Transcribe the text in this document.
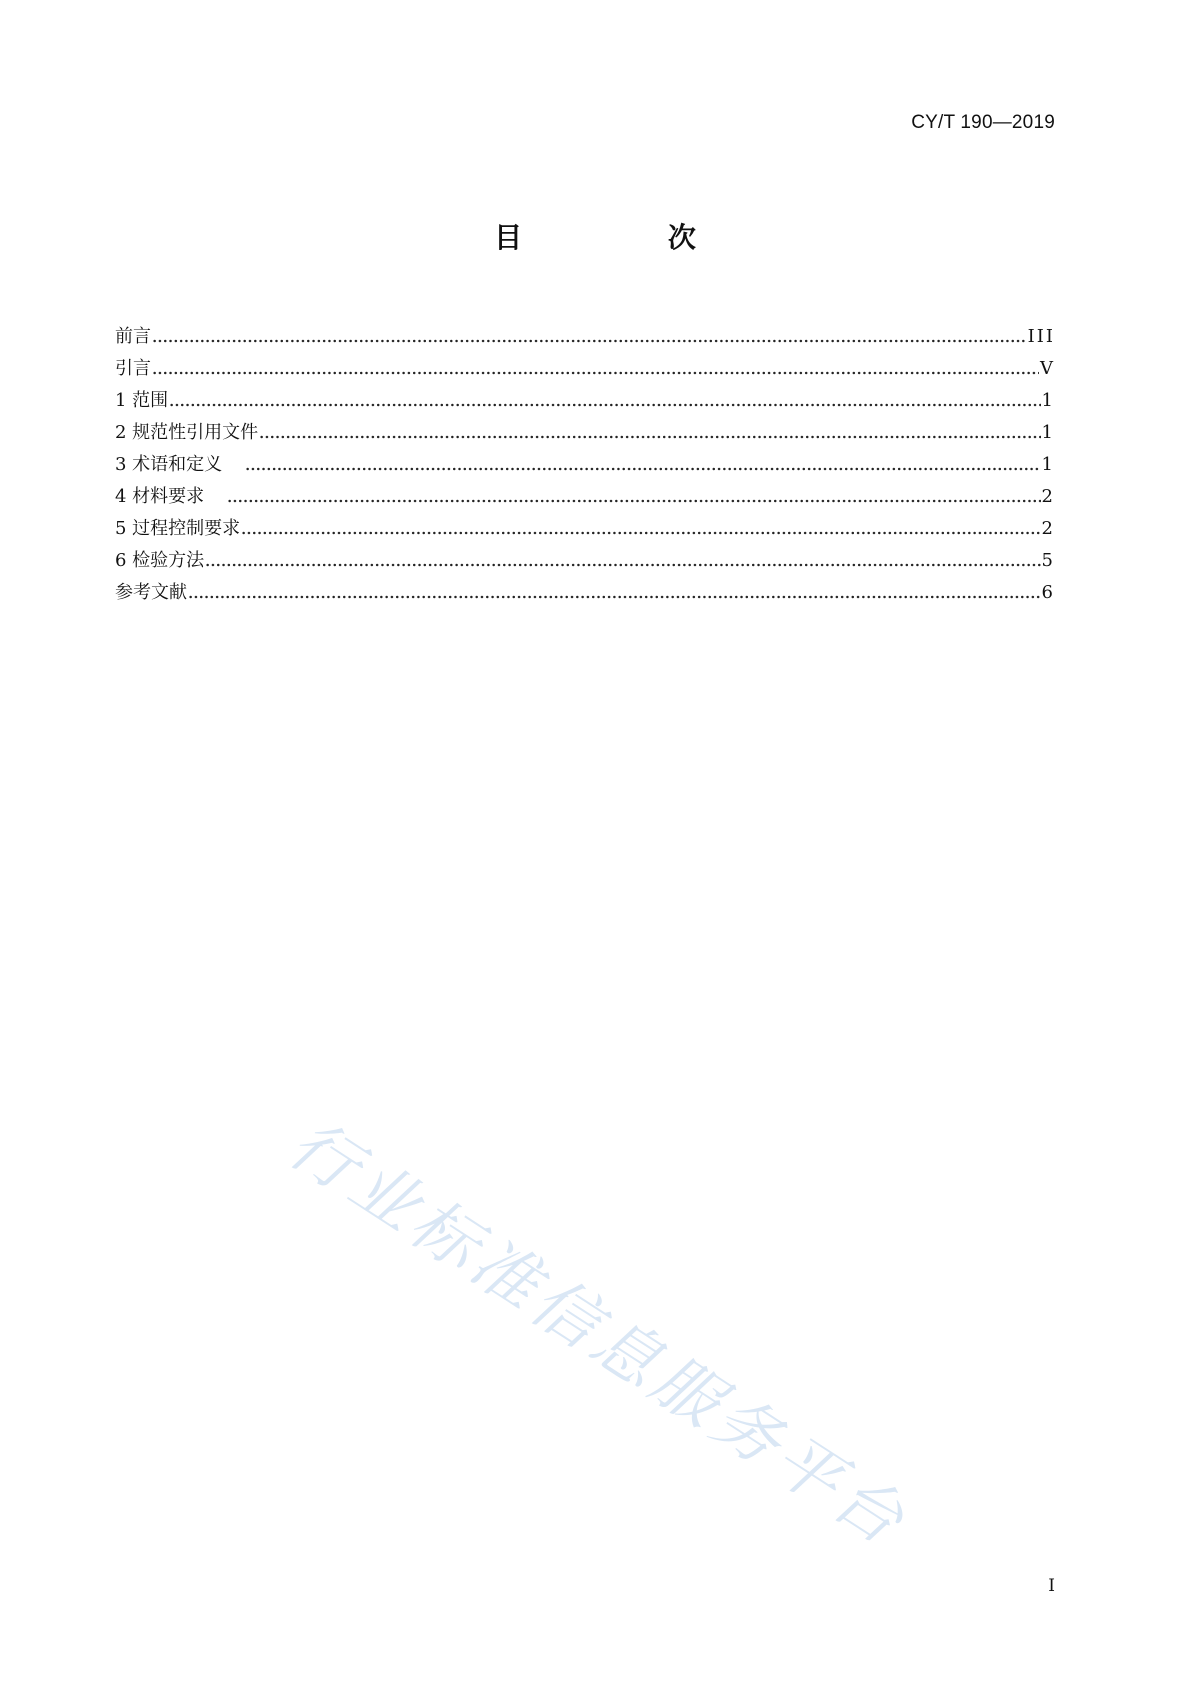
CY/T 190—2019
目 次
前言	III
引言	V
1 范围	1
2 规范性引用文件	1
3 术语和定义	1
4 材料要求	2
5 过程控制要求	2
6 检验方法	5
参考文献	6
行业标准信息服务平台
I
